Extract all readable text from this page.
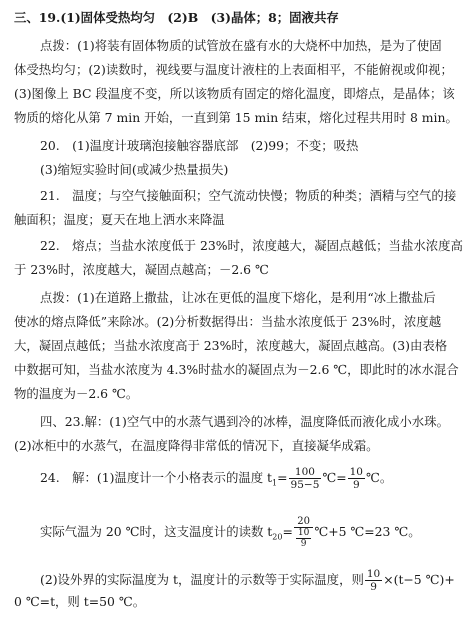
三、19.(1)固体受热均匀　(2)B　(3)晶体；8；固液共存
点拨：(1)将装有固体物质的试管放在盛有水的大烧杯中加热，是为了使固
体受热均匀；(2)读数时，视线要与温度计液柱的上表面相平，不能俯视或仰视；
(3)图像上 BC 段温度不变，所以该物质有固定的熔化温度，即熔点，是晶体；该
物质的熔化从第 7 min 开始，一直到第 15 min 结束，熔化过程共用时 8 min。
20.　(1)温度计玻璃泡接触容器底部　(2)99；不变；吸热
(3)缩短实验时间(或减少热量损失)
21.　温度；与空气接触面积；空气流动快慢；物质的种类；酒精与空气的接
触面积；温度；夏天在地上洒水来降温
22.　熔点；当盐水浓度低于 23%时，浓度越大，凝固点越低；当盐水浓度高
于 23%时，浓度越大，凝固点越高；－2.6 ℃
点拨：(1)在道路上撒盐，让冰在更低的温度下熔化，是利用“冰上撒盐后
使冰的熔点降低”来除冰。(2)分析数据得出：当盐水浓度低于 23%时，浓度越
大，凝固点越低；当盐水浓度高于 23%时，浓度越大，凝固点越高。(3)由表格
中数据可知，当盐水浓度为 4.3%时盐水的凝固点为－2.6 ℃，即此时的冰水混合
物的温度为－2.6 ℃。
四、23.解：(1)空气中的水蒸气遇到冷的冰棒，温度降低而液化成小水珠。
(2)冰柜中的水蒸气，在温度降得非常低的情况下，直接凝华成霜。
24.　解：(1)温度计一个小格表示的温度 $t_1= \frac{100}{95-5}$ ℃= $\frac{10}{9}$ ℃。
实际气温为 20 ℃时，这支温度计的读数 $t_{20}= \frac{20}{\frac{10}{9}}$ ℃+5 ℃=23 ℃。
(2)设外界的实际温度为 t，温度计的示数等于实际温度，则 $\frac{10}{9} \times(t-5$ ℃)+
0 ℃=t，则 t=50 ℃。
